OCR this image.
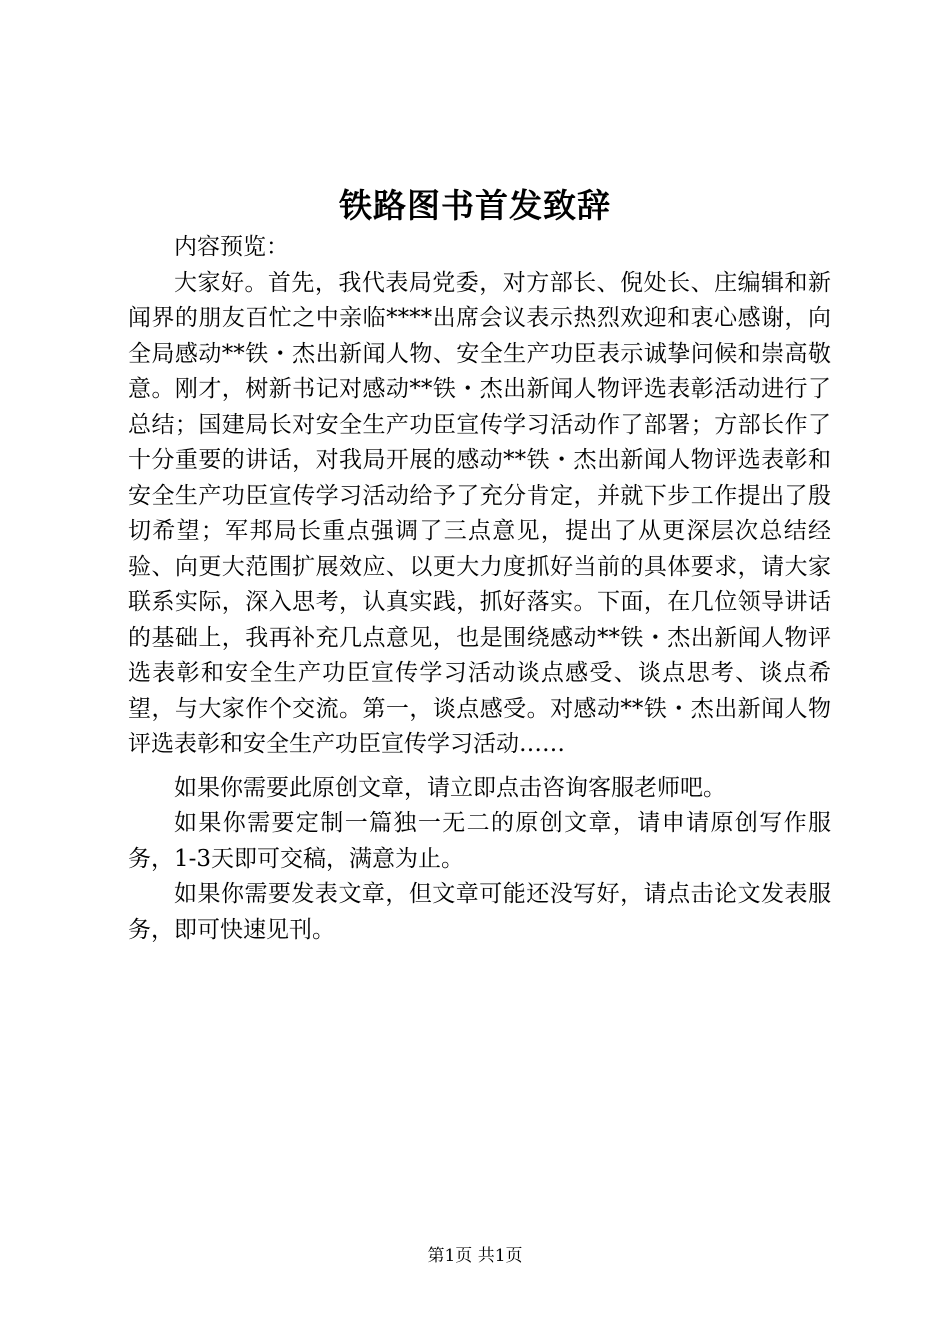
铁路图书首发致辞

内容预览：

大家好。首先，我代表局党委，对方部长、倪处长、庄编辑和新闻界的朋友百忙之中亲临****出席会议表示热烈欢迎和衷心感谢，向全局感动**铁・杰出新闻人物、安全生产功臣表示诚挚问候和崇高敬意。刚才，树新书记对感动**铁・杰出新闻人物评选表彰活动进行了总结；国建局长对安全生产功臣宣传学习活动作了部署；方部长作了十分重要的讲话，对我局开展的感动**铁・杰出新闻人物评选表彰和安全生产功臣宣传学习活动给予了充分肯定，并就下步工作提出了殷切希望；军邦局长重点强调了三点意见，提出了从更深层次总结经验、向更大范围扩展效应、以更大力度抓好当前的具体要求，请大家联系实际，深入思考，认真实践，抓好落实。下面，在几位领导讲话的基础上，我再补充几点意见，也是围绕感动**铁・杰出新闻人物评选表彰和安全生产功臣宣传学习活动谈点感受、谈点思考、谈点希望，与大家作个交流。第一，谈点感受。对感动**铁・杰出新闻人物评选表彰和安全生产功臣宣传学习活动……

如果你需要此原创文章，请立即点击咨询客服老师吧。

如果你需要定制一篇独一无二的原创文章，请申请原创写作服务，1-3天即可交稿，满意为止。

如果你需要发表文章，但文章可能还没写好，请点击论文发表服务，即可快速见刊。

第1页 共1页
